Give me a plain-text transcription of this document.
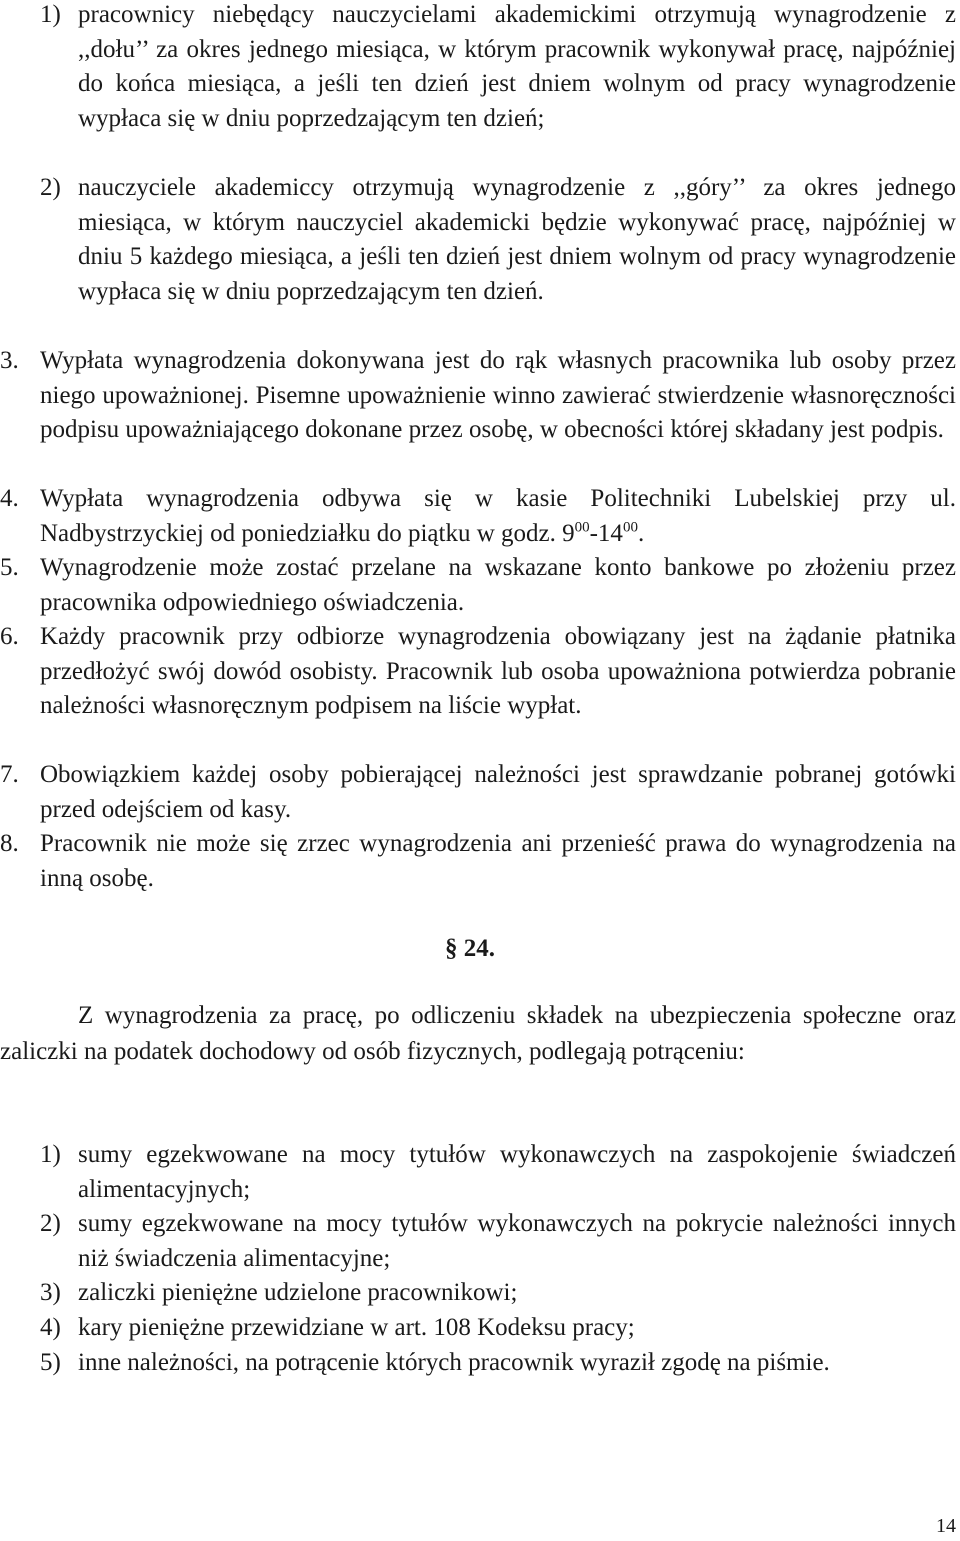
1) pracownicy niebędący nauczycielami akademickimi otrzymują wynagrodzenie z ,,dołu’’ za okres jednego miesiąca, w którym pracownik wykonywał pracę, najpóźniej do końca miesiąca, a jeśli ten dzień jest dniem wolnym od pracy wynagrodzenie wypłaca się w dniu poprzedzającym ten dzień;
2) nauczyciele akademiccy otrzymują wynagrodzenie z ,,góry’’ za okres jednego miesiąca, w którym nauczyciel akademicki będzie wykonywać pracę, najpóźniej w dniu 5 każdego miesiąca, a jeśli ten dzień jest dniem wolnym od pracy wynagrodzenie wypłaca się w dniu poprzedzającym ten dzień.
3. Wypłata wynagrodzenia dokonywana jest do rąk własnych pracownika lub osoby przez niego upoważnionej. Pisemne upoważnienie winno zawierać stwierdzenie własnoręczności podpisu upoważniającego dokonane przez osobę, w obecności której składany jest podpis.
4. Wypłata wynagrodzenia odbywa się w kasie Politechniki Lubelskiej przy ul. Nadbystrzyckiej od poniedziałku do piątku w godz. $9^{00}-14^{00}$.
5. Wynagrodzenie może zostać przelane na wskazane konto bankowe po złożeniu przez pracownika odpowiedniego oświadczenia.
6. Każdy pracownik przy odbiorze wynagrodzenia obowiązany jest na żądanie płatnika przedłożyć swój dowód osobisty. Pracownik lub osoba upoważniona potwierdza pobranie należności własnoręcznym podpisem na liście wypłat.
7. Obowiązkiem każdej osoby pobierającej należności jest sprawdzanie pobranej gotówki przed odejściem od kasy.
8. Pracownik nie może się zrzec wynagrodzenia ani przenieść prawa do wynagrodzenia na inną osobę.
§ 24.
Z wynagrodzenia za pracę, po odliczeniu składek na ubezpieczenia społeczne oraz zaliczki na podatek dochodowy od osób fizycznych, podlegają potrąceniu:
1) sumy egzekwowane na mocy tytułów wykonawczych na zaspokojenie świadczeń alimentacyjnych;
2) sumy egzekwowane na mocy tytułów wykonawczych na pokrycie należności innych niż świadczenia alimentacyjne;
3) zaliczki pieniężne udzielone pracownikowi;
4) kary pieniężne przewidziane w art. 108 Kodeksu pracy;
5) inne należności, na potrącenie których pracownik wyraził zgodę na piśmie.
14
